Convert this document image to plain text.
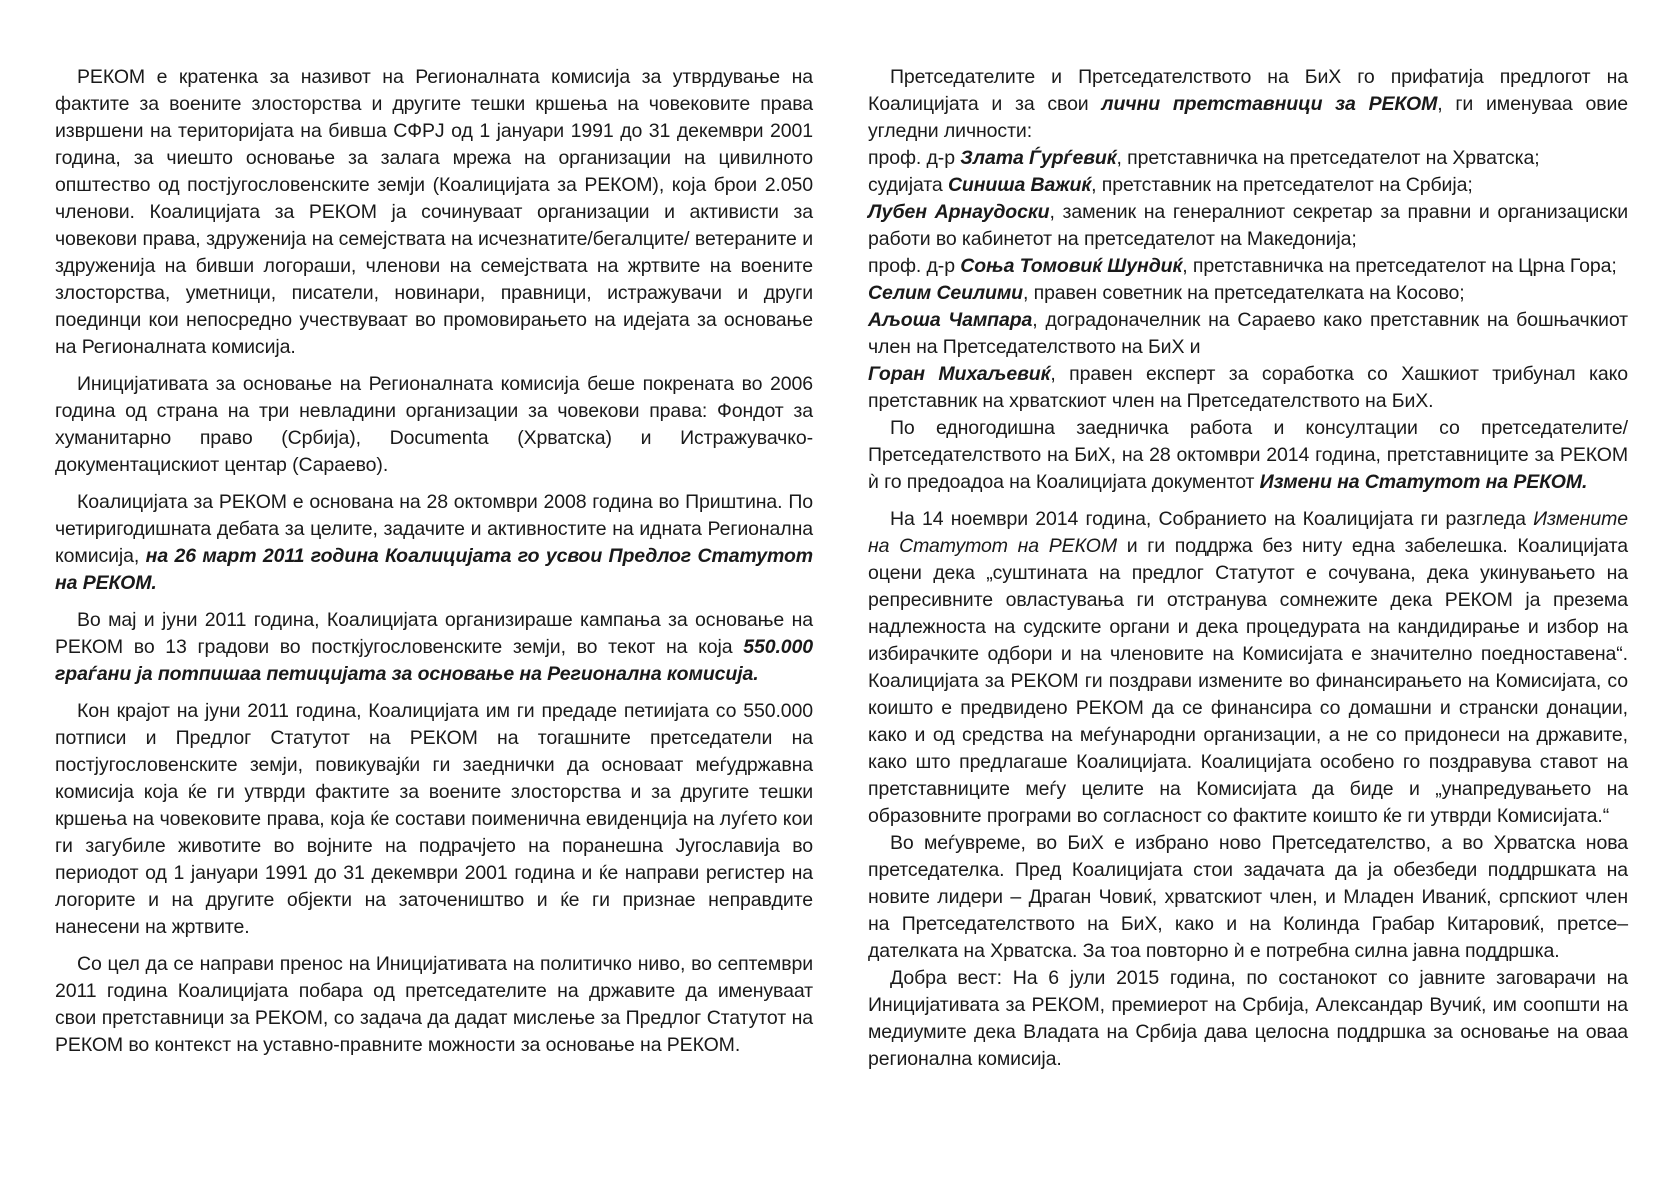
РЕКОМ е кратенка за називот на Регионалната комисија за утврдување на фактите за воените злосторства и другите тешки кршења на човековите права извршени на територијата на бивша СФРЈ од 1 јануари 1991 до 31 декември 2001 година, за чиешто основање за залага мрежа на организации на цивилното општество од постјугословенските земји (Коалицијата за РЕКОМ), која брои 2.050 членови. Коалицијата за РЕКОМ ја сочинуваат организации и активисти за човекови права, здруженија на семејствата на исчезнатите/бегалците/ ветераните и здруженија на бивши логораши, членови на семејствата на жртвите на воените злосторства, уметници, писатели, новинари, правници, истражувачи и други поединци кои непосредно учествуваат во промовирањето на идејата за основање на Регионалната комисија.

Иницијативата за основање на Регионалната комисија беше покрената во 2006 година од страна на три невладини организации за човекови права: Фондот за хуманитарно право (Србија), Documenta (Хрватска) и Истражувачко-документацискиот центар (Сараево).

Коалицијата за РЕКОМ е основана на 28 октомври 2008 година во Приштина. По четиригодишната дебата за целите, задачите и активностите на идната Регионална комисија, на 26 март 2011 година Коалицијата го усвои Предлог Статутот на РЕКОМ.

Во мај и јуни 2011 година, Коалицијата организираше кампања за основање на РЕКОМ во 13 градови во посткјугословенските земји, во текот на која 550.000 граѓани ја потпишаа петицијата за основање на Регионална комисија.

Кон крајот на јуни 2011 година, Коалицијата им ги предаде петиијата со 550.000 потписи и Предлог Статутот на РЕКОМ на тогашните претседатели на постјугословенските земји, повикувајќи ги заеднички да основаат меѓудржавна комисија која ќе ги утврди фактите за воените злосторства и за другите тешки кршења на човековите права, која ќе состави поименична евиденција на луѓето кои ги загубиле животите во војните на подрачјето на поранешна Југославија во периодот од 1 јануари 1991 до 31 декември 2001 година и ќе направи регистер на логорите и на другите објекти на заточеништво и ќе ги признае неправдите нанесени на жртвите.

Со цел да се направи пренос на Иницијативата на политичко ниво, во септември 2011 година Коалицијата побара од претседателите на државите да именуваат свои претставници за РЕКОМ, со задача да дадат мислење за Предлог Статутот на РЕКОМ во контекст на уставно-правните можности за основање на РЕКОМ.

Претседателите и Претседателството на БиХ го прифатија предлогот на Коалицијата и за свои лични претставници за РЕКОМ, ги именуваа овие угледни личности:

проф. д-р Злата Ѓурѓевиќ, претставничка на претседателот на Хрватска;

судијата Синиша Важиќ, претставник на претседателот на Србија;

Лубен Арнаудоски, заменик на генералниот секретар за правни и организациски работи во кабинетот на претседателот на Македонија;

проф. д-р Соња Томовиќ Шундиќ, претставничка на претседателот на Црна Гора;

Селим Сеилими, правен советник на претседателката на Косово;

Аљоша Чампара, доградоначелник на Сараево како претставник на бошњачкиот член на Претседателството на БиХ и

Горан Михаљевиќ, правен експерт за соработка со Хашкиот трибунал како претставник на хрватскиот член на Претседателството на БиХ.

По едногодишна заедничка работа и консултации со претседателите/ Претседателството на БиХ, на 28 октомври 2014 година, претставниците за РЕКОМ ѝ го предоадоа на Коалицијата документот Измени на Статутот на РЕКОМ.

На 14 ноември 2014 година, Собранието на Коалицијата ги разгледа Измените на Статутот на РЕКОМ и ги поддржа без ниту една забелешка. Коалицијата оцени дека „суштината на предлог Статутот е сочувана, дека укинувањето на репресивните овластувања ги отстранува сомнежите дека РЕКОМ ја презема надлежноста на судските органи и дека процедурата на кандидирање и избор на избирачките одбори и на членовите на Комисијата е значително поедноставена“. Коалицијата за РЕКОМ ги поздрави измените во финансирањето на Комисијата, со коишто е предвидено РЕКОМ да се финансира со домашни и странски донации, како и од средства на меѓународни организации, а не со придонеси на државите, како што предлагаше Коалицијата. Коалицијата особено го поздравува ставот на претставниците меѓу целите на Комисијата да биде и „унапредувањето на образовните програми во согласност со фактите коишто ќе ги утврди Комисијата.“

Во меѓувреме, во БиХ е избрано ново Претседателство, а во Хрватска нова претседателка. Пред Коалицијата стои задачата да ја обезбеди поддршката на новите лидери – Драган Човиќ, хрватскиот член, и Младен Иваниќ, српскиот член на Претседателството на БиХ, како и на Колинда Грабар Китаровиќ, претсе–дателката на Хрватска. За тоа повторно ѝ е потребна силна јавна поддршка.

Добра вест: На 6 јули 2015 година, по состанокот со јавните заговарачи на Иницијативата за РЕКОМ, премиерот на Србија, Александар Вучиќ, им соопшти на медиумите дека Владата на Србија дава целосна поддршка за основање на оваа регионална комисија.
